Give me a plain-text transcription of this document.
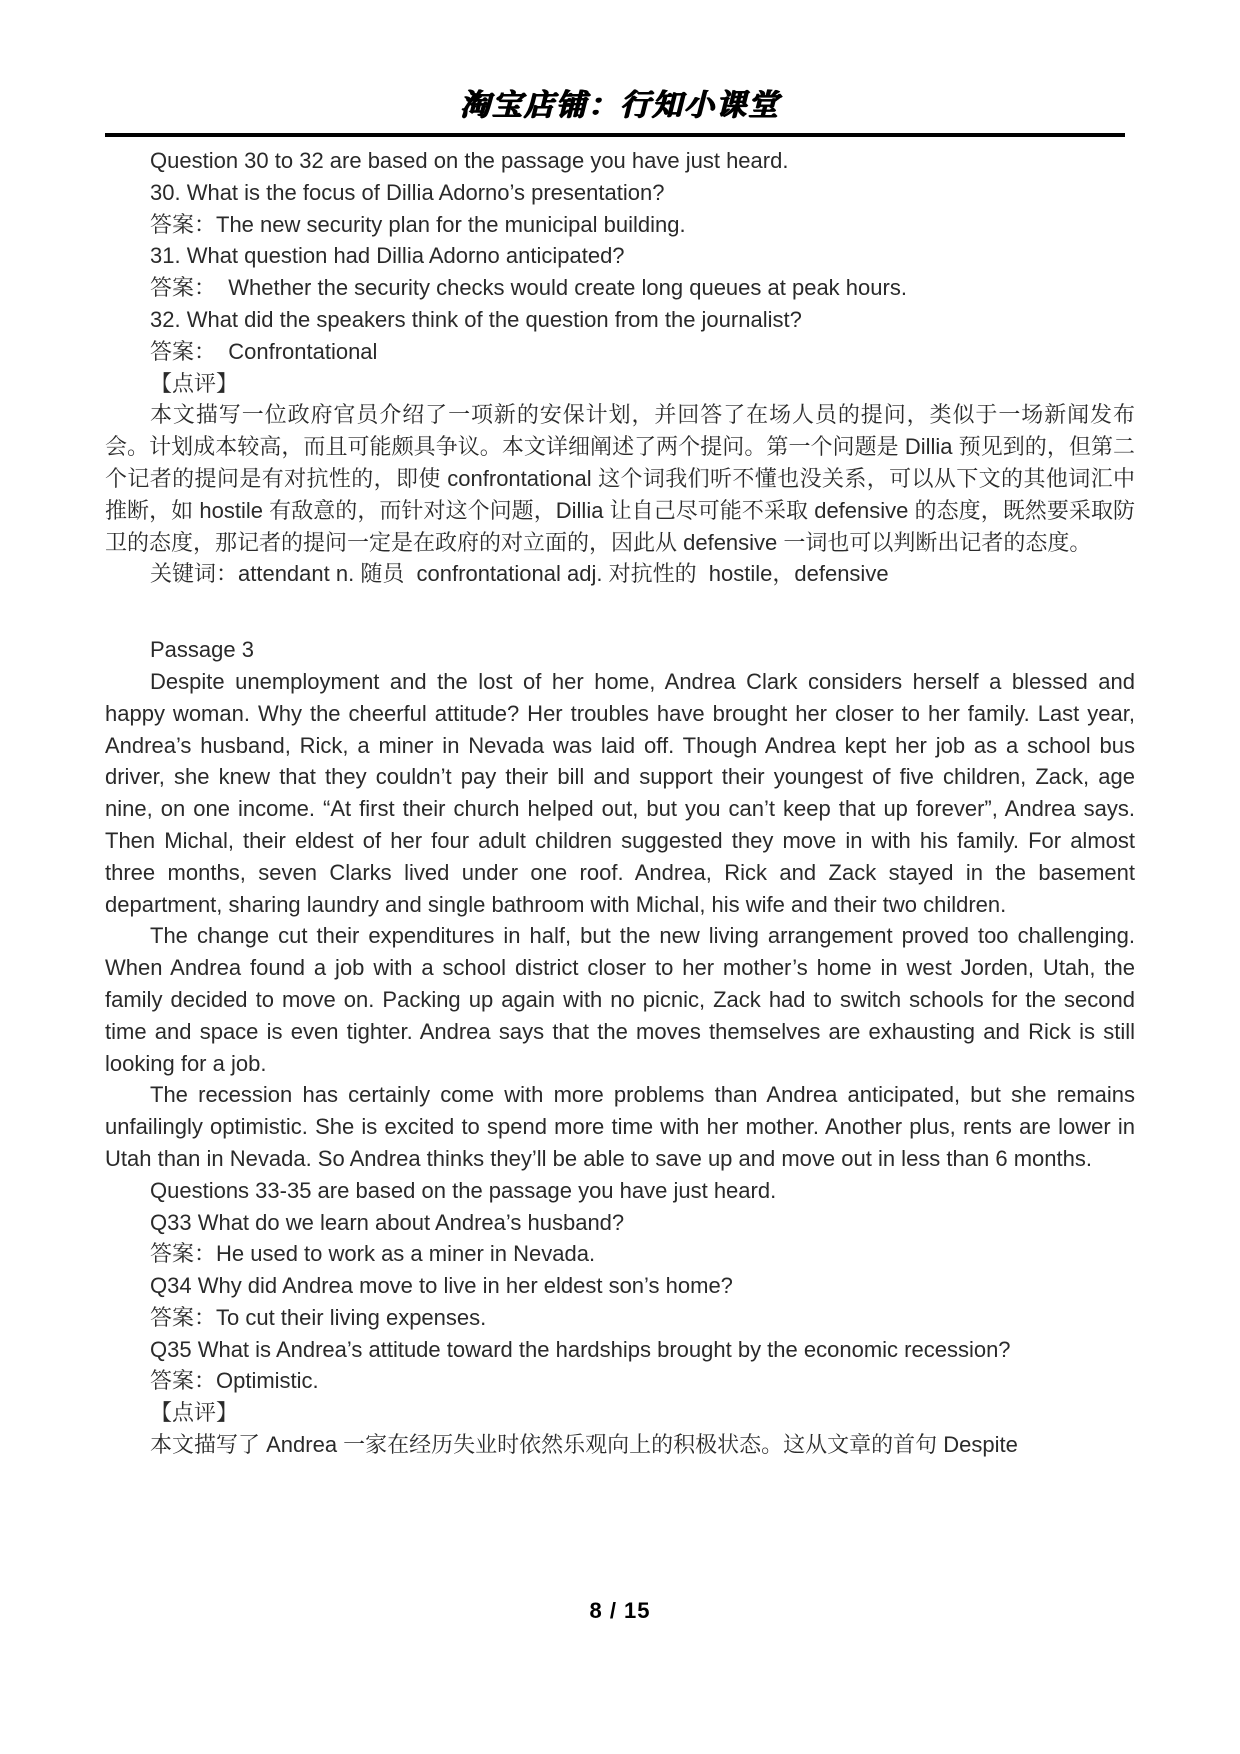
淘宝店铺：行知小课堂
Question 30 to 32 are based on the passage you have just heard.
30. What is the focus of Dillia Adorno’s presentation?
答案：The new security plan for the municipal building.
31. What question had Dillia Adorno anticipated?
答案：  Whether the security checks would create long queues at peak hours.
32. What did the speakers think of the question from the journalist?
答案：  Confrontational
【点评】
本文描写一位政府官员介绍了一项新的安保计划，并回答了在场人员的提问，类似于一场新闻发布会。计划成本较高，而且可能颇具争议。本文详细阐述了两个提问。第一个问题是 Dillia 预见到的，但第二个记者的提问是有对抗性的，即使 confrontational 这个词我们听不懂也没关系，可以从下文的其他词汇中推断，如 hostile 有敌意的，而针对这个问题，Dillia 让自己尽可能不采取 defensive 的态度，既然要采取防卫的态度，那记者的提问一定是在政府的对立面的，因此从 defensive 一词也可以判断出记者的态度。
关键词：attendant n. 随员  confrontational adj. 对抗性的  hostile，defensive
Passage 3
Despite unemployment and the lost of her home, Andrea Clark considers herself a blessed and happy woman. Why the cheerful attitude? Her troubles have brought her closer to her family. Last year, Andrea’s husband, Rick, a miner in Nevada was laid off. Though Andrea kept her job as a school bus driver, she knew that they couldn’t pay their bill and support their youngest of five children, Zack, age nine, on one income. “At first their church helped out, but you can’t keep that up forever”, Andrea says. Then Michal, their eldest of her four adult children suggested they move in with his family. For almost three months, seven Clarks lived under one roof. Andrea, Rick and Zack stayed in the basement department, sharing laundry and single bathroom with Michal, his wife and their two children.
The change cut their expenditures in half, but the new living arrangement proved too challenging. When Andrea found a job with a school district closer to her mother’s home in west Jorden, Utah, the family decided to move on. Packing up again with no picnic, Zack had to switch schools for the second time and space is even tighter. Andrea says that the moves themselves are exhausting and Rick is still looking for a job.
The recession has certainly come with more problems than Andrea anticipated, but she remains unfailingly optimistic. She is excited to spend more time with her mother. Another plus, rents are lower in Utah than in Nevada. So Andrea thinks they’ll be able to save up and move out in less than 6 months.
Questions 33-35 are based on the passage you have just heard.
Q33 What do we learn about Andrea’s husband?
答案：He used to work as a miner in Nevada.
Q34 Why did Andrea move to live in her eldest son’s home?
答案：To cut their living expenses.
Q35 What is Andrea’s attitude toward the hardships brought by the economic recession?
答案：Optimistic.
【点评】
本文描写了 Andrea 一家在经历失业时依然乐观向上的积极状态。这从文章的首句 Despite
8 / 15
